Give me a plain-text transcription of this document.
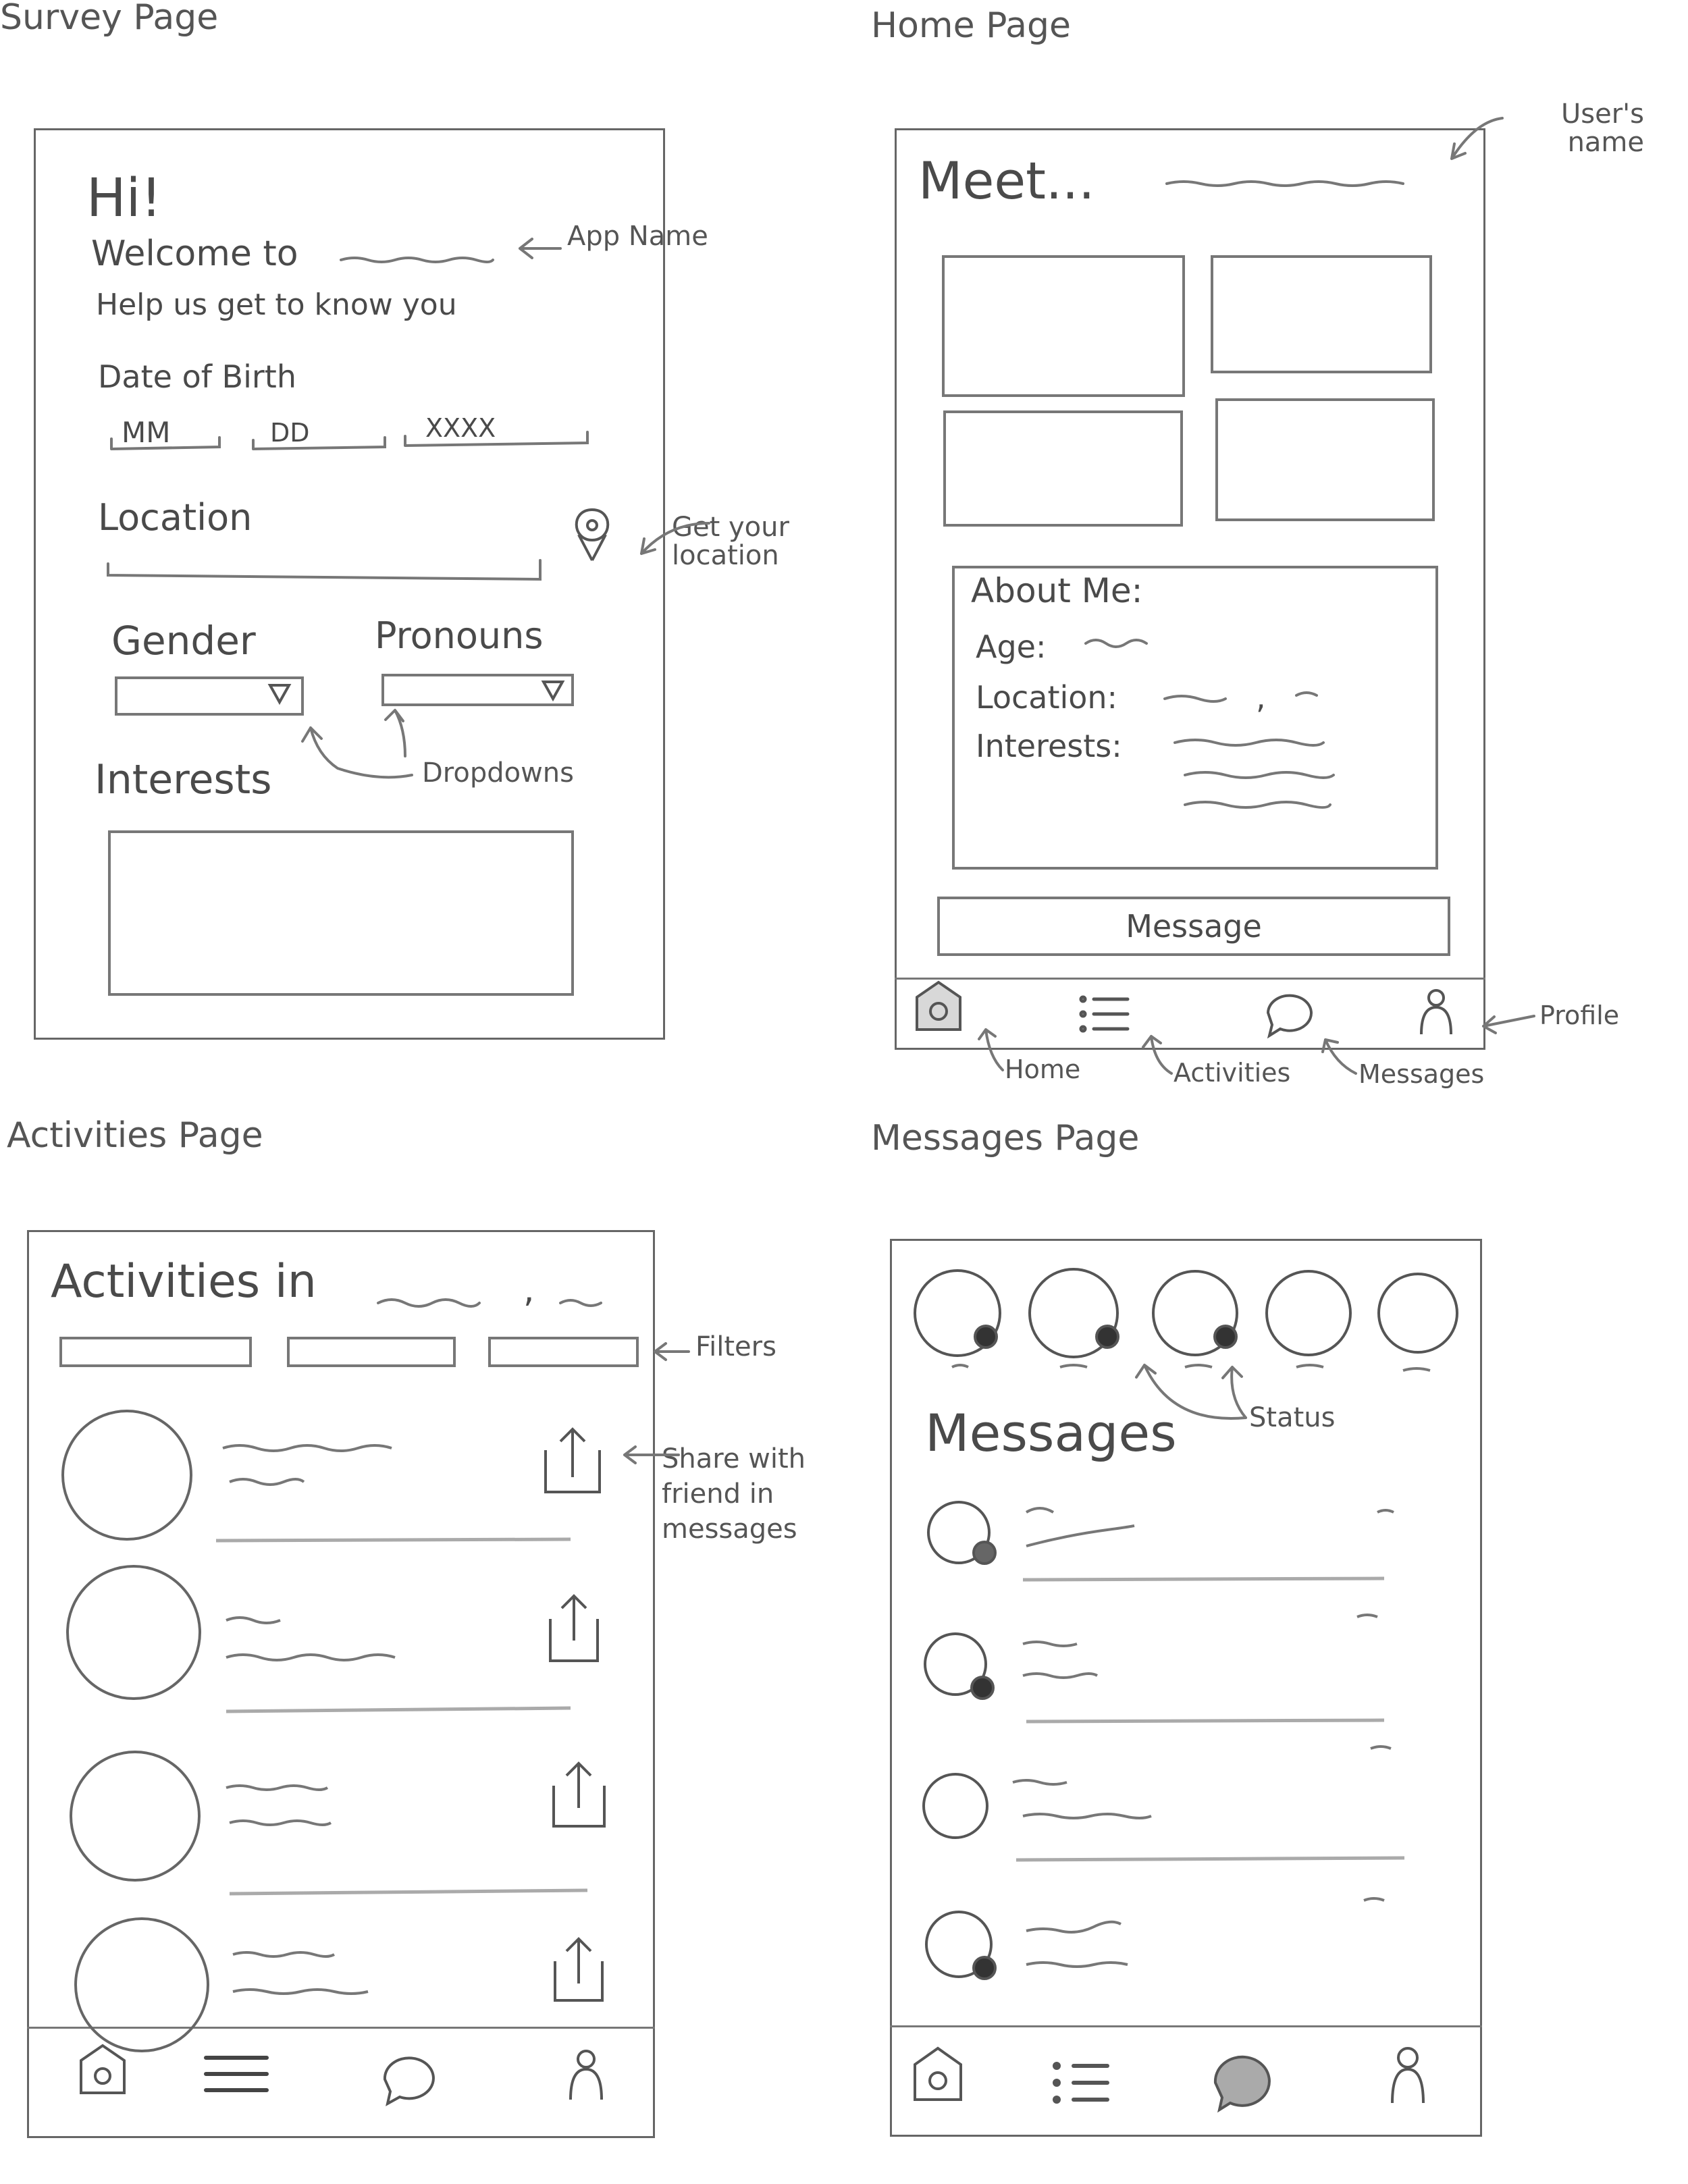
Survey Page	Home Page
Activities Page	Messages Page
Hi!
Welcome to
Help us get to know you
Date of Birth
MM	DD	XXXX
Location
Gender	Pronouns
Interests
App Name
Get your location
Dropdowns
Meet...
About Me:
Age:
Location:	,
Interests:
Message
User's name
Home	Activities	Messages
Profile
Activities in	,
Filters
Share with friend in messages
Messages	Status
